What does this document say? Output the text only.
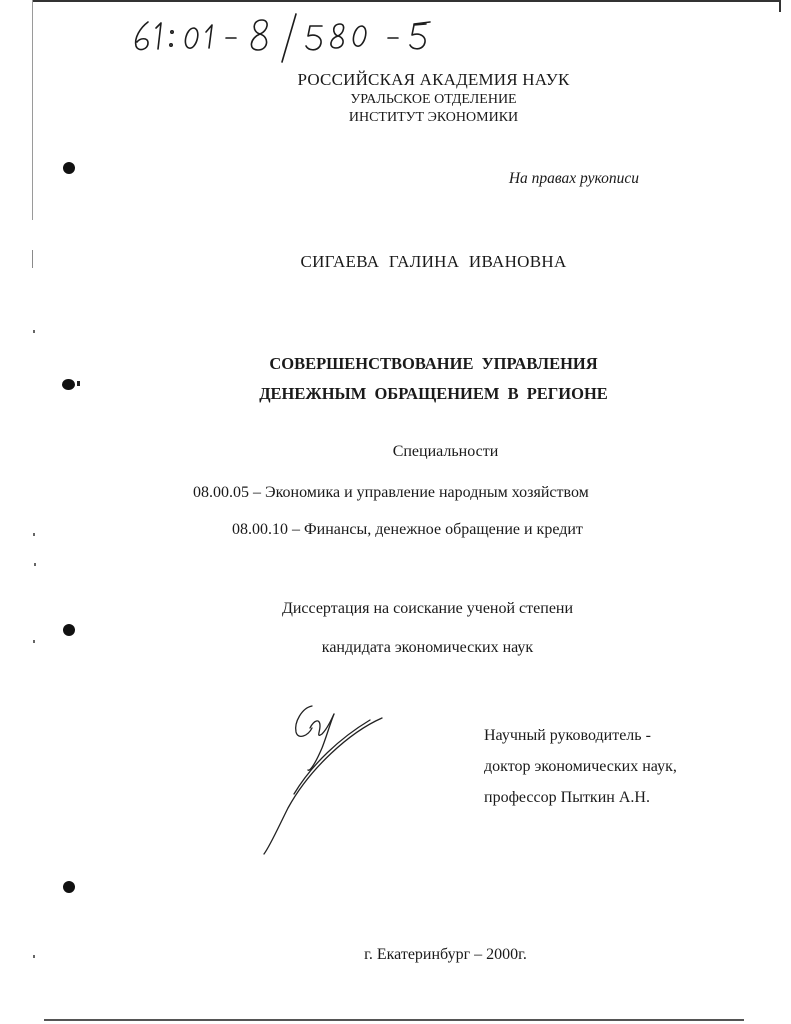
РОССИЙСКАЯ АКАДЕМИЯ НАУК
УРАЛЬСКОЕ ОТДЕЛЕНИЕ
ИНСТИТУТ ЭКОНОМИКИ
На правах рукописи
СИГАЕВА ГАЛИНА ИВАНОВНА
СОВЕРШЕНСТВОВАНИЕ УПРАВЛЕНИЯ
ДЕНЕЖНЫМ ОБРАЩЕНИЕМ В РЕГИОНЕ
Специальности
08.00.05 – Экономика и управление народным хозяйством
08.00.10 – Финансы, денежное обращение и кредит
Диссертация на соискание ученой степени
кандидата экономических наук
Научный руководитель -
доктор экономических наук,
профессор Пыткин А.Н.
г. Екатеринбург – 2000г.
